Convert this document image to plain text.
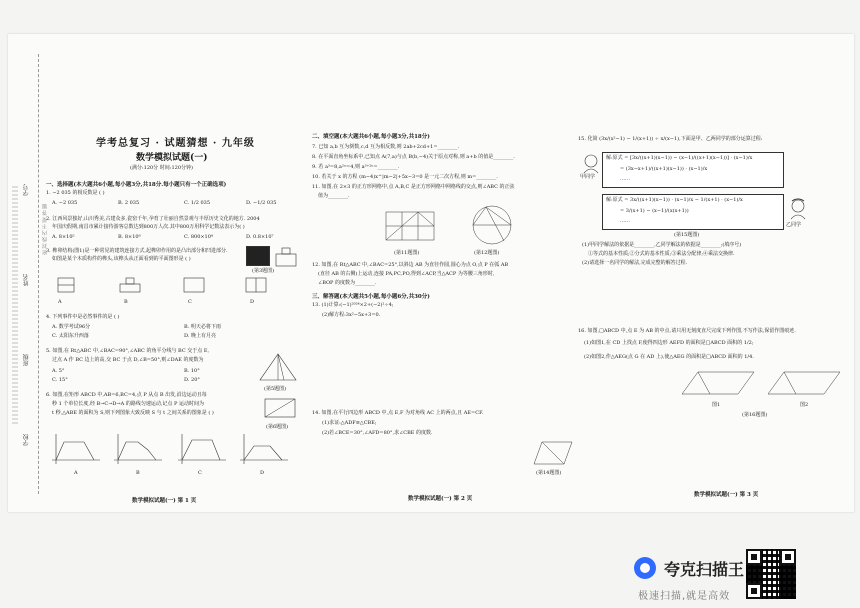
学号
姓名
班级
学校
密 封 线 内 不 要 答 题
学考总复习 · 试题猜想 · 九年级
数学模拟试题(一)
(满分:120分 时间:120分钟)
一、选择题(本大题共6小题,每小题3分,共18分.每小题只有一个正确选项)
1. −2 035 的相反数是 ( )
A. −2 035	B. 2 035	C. 1/2 035	D. −1/2 035
2. 江西风景独好,山川秀美,古建众多,瓷窑千年,孕育了壮丽自然景观与丰厚历史文化的地方. 2004
年国庆假期,南昌市累计接待游客总数达到800万人次.其中800万用科学记数法表示为( )
A. 8×10⁵	B. 8×10⁶	C. 800×10⁴	D. 0.8×10⁷
3. 榫卯结构(图1)是一种常见的建筑连接方式,起榫卯作用的是凸出部分和凹进部分.
如图是某个木质构件的榫头,该榫头从正面看到的平面图形是 ( )
(第3题图)
A	B	C	D
4. 下列事件中是必然事件的是 ( )
A. 数学考试96分	B. 明天必将下雨
C. 太阳东升西落	D. 晚上有月亮
5. 如图,在 Rt△ABC 中,∠BAC=90°,∠ABC 的角平分线与 BC 交于点 E,
过点 A 作 BC 边上的高,交 BC 于点 D,∠B=50°,则∠DAE 的度数为
(第5题图)
A. 5°	B. 10°
C. 15°	D. 20°
6. 如图,在矩形 ABCD 中,AB=6,BC=4,点 P 从点 B 出发,沿边运动且每
秒 1 个单位长度,经 B→C→D→A 的路线匀速运动,记点 P 运动时间为
t 秒,△ABE 的面积为 S,则下列图象大致反映 S 与 t 之间关系的图象是 ( )
(第6题图)
A	B	C	D
数学模拟试题(一) 第 1 页
二、填空题(本大题共6小题,每小题3分,共18分)
7. 已知 a,b 互为倒数,c,d 互为相反数,则 2ab+2cd+1=________.
8. 在平面直角坐标系中,已知点 A(7,a)与点 B(b,−4)关于原点对称,则 a+b 的值是________.
9. 若 a³=8,a²ⁿ=4,则 a³⁺²ⁿ=________.
10. 若关于 x 的方程 (m−4)x^|m−2|+5x−3=0 是一元二次方程,则 m=________.
11. 如图,在 2×3 的正方形网格中,点 A,B,C 是正方形网格中网格线的交点,则∠ABC 的正弦
值为________.
(第11题图)	(第12题图)
12. 如图,在 Rt△ABC 中,∠BAC=25°,以斜边 AB 为直径作圆,圆心为点 O,点 P 在弧 AB
(直径 AB 的右侧)上运动,连接 PA,PC,PO,得到∠ACP,当△ACP 为等腰三角形时,
∠BOP 的度数为________.
三、解答题(本大题共5小题,每小题6分,共30分)
13. (1)计算:(−1)²⁰²⁴×2+(−2)²÷4;
(2)解方程:3x²−5x+3=0.
14. 如图,在平行四边形 ABCD 中,点 E,F 为对角线 AC 上的两点,且 AE=CF.
(1)求证:△ADF≌△CBE;
(2)若∠BCE=30°,∠AFD=80°,求∠CBE 的度数.
(第14题图)
数学模拟试题(一) 第 2 页
15. 化简 (3x/(x²−1) − 1/(x+1)) ÷ x/(x−1),下面是甲、乙两同学的部分运算过程:
甲同学
解:原式 = [3x/((x+1)(x−1)) − (x−1)/((x+1)(x−1))] · (x−1)/x
= (3x−x+1)/((x+1)(x−1)) · (x−1)/x
……
解:原式 = 3x/((x+1)(x−1)) · (x−1)/x − 1/(x+1) · (x−1)/x
= 3/(x+1) − (x−1)/(x(x+1))
……
乙同学
(第15题图)
(1)甲同学解法的依据是________,乙同学解法的依据是________;(填序号)
①等式的基本性质;②分式的基本性质;③乘法分配律;④乘法交换律.
(2)请选择一名同学的解法,完成完整的解答过程.
16. 如图,□ABCD 中,点 E 为 AB 的中点,请只用无刻度直尺完成下列作图,不写作法,保留作图痕迹.
(1)如图1,在 CD 上找点 F,使得四边形 AEFD 的面积是□ABCD 面积的 1/2;
(2)如图2,作△AEG(点 G 在 AD 上),使△AEG 的面积是□ABCD 面积的 1/4.
图1	图2
(第16题图)
数学模拟试题(一) 第 3 页
夸克扫描王
极速扫描,就是高效
